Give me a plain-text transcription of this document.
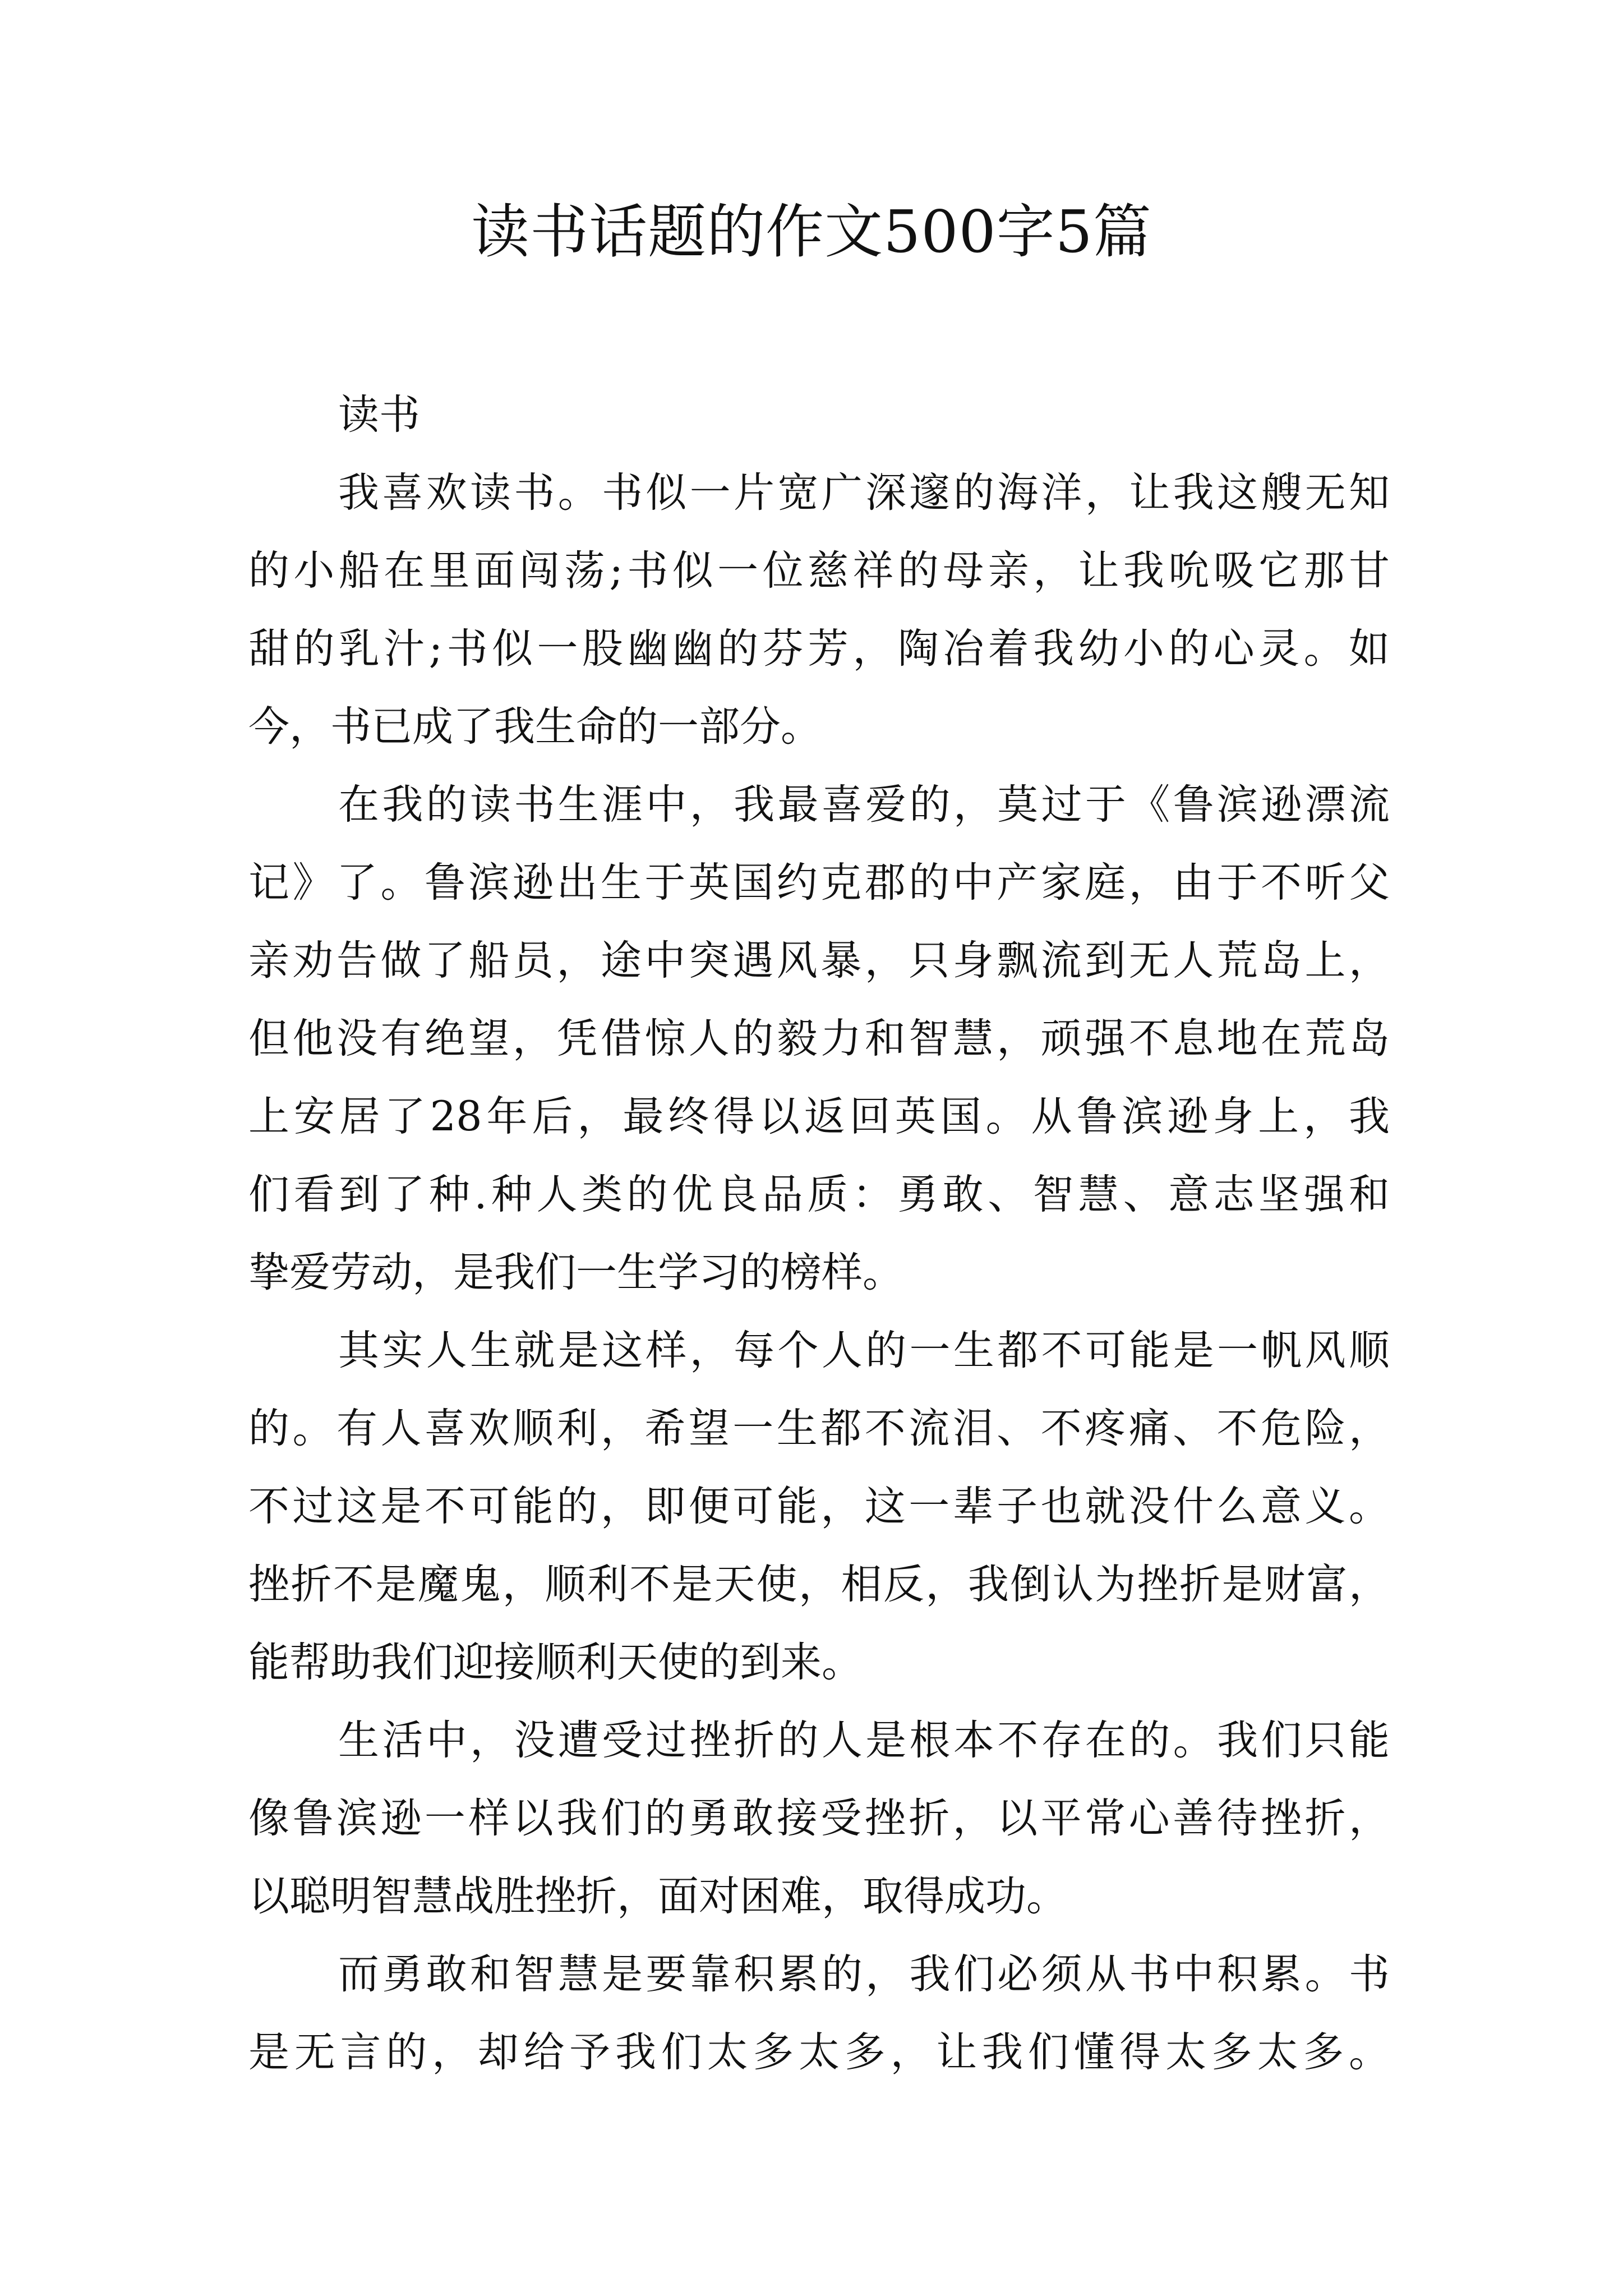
读书话题的作文500字5篇
读书
我喜欢读书。书似一片宽广深邃的海洋，让我这艘无知
的小船在里面闯荡;书似一位慈祥的母亲，让我吮吸它那甘
甜的乳汁;书似一股幽幽的芬芳，陶冶着我幼小的心灵。如
今，书已成了我生命的一部分。
在我的读书生涯中，我最喜爱的，莫过于《鲁滨逊漂流
记》了。鲁滨逊出生于英国约克郡的中产家庭，由于不听父
亲劝告做了船员，途中突遇风暴，只身飘流到无人荒岛上，
但他没有绝望，凭借惊人的毅力和智慧，顽强不息地在荒岛
上安居了28年后，最终得以返回英国。从鲁滨逊身上，我
们看到了种.种人类的优良品质：勇敢、智慧、意志坚强和
挚爱劳动，是我们一生学习的榜样。
其实人生就是这样，每个人的一生都不可能是一帆风顺
的。有人喜欢顺利，希望一生都不流泪、不疼痛、不危险，
不过这是不可能的，即便可能，这一辈子也就没什么意义。
挫折不是魔鬼，顺利不是天使，相反，我倒认为挫折是财富，
能帮助我们迎接顺利天使的到来。
生活中，没遭受过挫折的人是根本不存在的。我们只能
像鲁滨逊一样以我们的勇敢接受挫折，以平常心善待挫折，
以聪明智慧战胜挫折，面对困难，取得成功。
而勇敢和智慧是要靠积累的，我们必须从书中积累。书
是无言的，却给予我们太多太多，让我们懂得太多太多。
